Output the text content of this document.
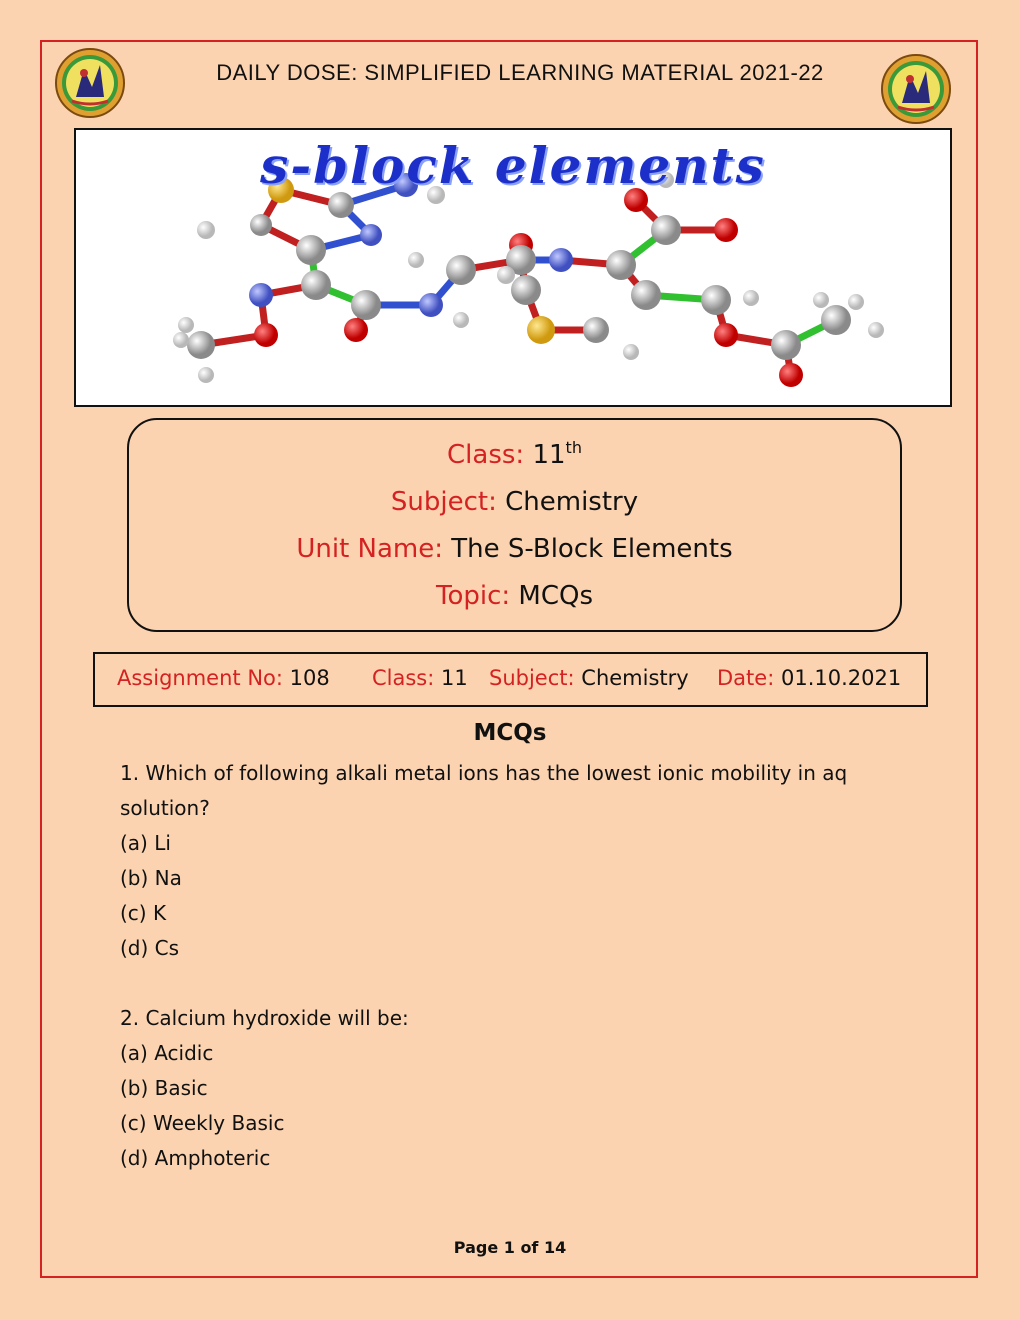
DAILY DOSE: SIMPLIFIED LEARNING MATERIAL 2021-22
s-block elements
Class: 11th
Subject: Chemistry
Unit Name: The S-Block Elements
Topic: MCQs
Assignment No: 108 Class: 11 Subject: Chemistry Date: 01.10.2021
MCQs
1. Which of following alkali metal ions has the lowest ionic mobility in aq
solution?
(a) Li
(b) Na
(c) K
(d) Cs
2. Calcium hydroxide will be:
(a) Acidic
(b) Basic
(c) Weekly Basic
(d) Amphoteric
Page 1 of 14
